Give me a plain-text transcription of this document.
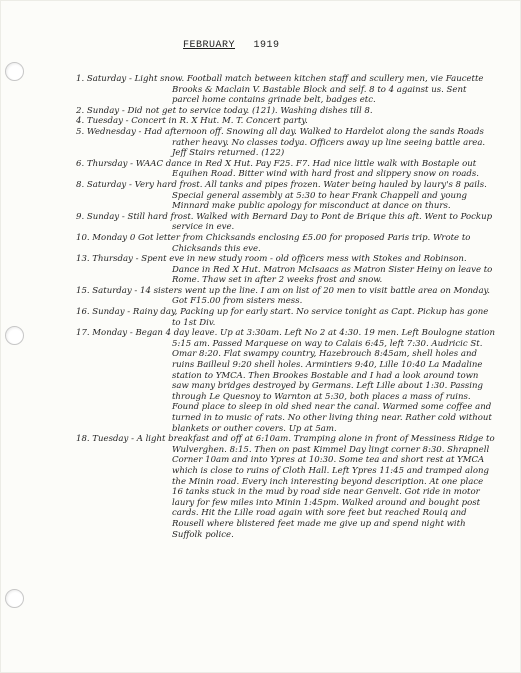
FEBRUARY 1919

1. Saturday - Light snow. Football match between kitchen staff and scullery men, vie Faucette Brooks & Maclain V. Bastable Block and self. 8 to 4 against us. Sent parcel home contains grinade belt, badges etc.

2. Sunday - Did not get to service today. (121). Washing dishes till 8.

4. Tuesday - Concert in R. X Hut. M. T. Concert party.

5. Wednesday - Had afternoon off. Snowing all day. Walked to Hardelot along the sands Roads rather heavy. No classes todya. Officers away up line seeing battle area. Jeff Stairs returned. (122)

6. Thursday - WAAC dance in Red X Hut. Pay F25. F7. Had nice little walk with Bostaple out Equihen Road. Bitter wind with hard frost and slippery snow on roads.

8. Saturday - Very hard frost. All tanks and pipes frozen. Water being hauled by laury's 8 pails. Special general assembly at 5:30 to hear Frank Chappell and young Minnard make public apology for misconduct at dance on thurs.

9. Sunday - Still hard frost. Walked with Bernard Day to Pont de Brique this aft. Went to Pockup service in eve.

10. Monday 0 Got letter from Chicksands enclosing £5.00 for proposed Paris trip. Wrote to Chicksands this eve.

13. Thursday - Spent eve in new study room - old officers mess with Stokes and Robinson. Dance in Red X Hut. Matron McIsaacs as Matron Sister Heiny on leave to Rome. Thaw set in after 2 weeks frost and snow.

15. Saturday - 14 sisters went up the line. I am on list of 20 men to visit battle area on Monday. Got F15.00 from sisters mess.

16. Sunday - Rainy day, Packing up for early start. No service tonight as Capt. Pickup has gone to 1st Div.

17. Monday - Began 4 day leave. Up at 3:30am. Left No 2 at 4:30. 19 men. Left Boulogne station 5:15 am. Passed Marquese on way to Calais 6:45, left 7:30. Audricic St. Omar 8:20. Flat swampy country, Hazebrouch 8:45am, shell holes and ruins Bailleul 9:20 shell holes. Armintiers 9:40, Lille 10:40 La Madaline station to YMCA. Then Brookes Bostable and I had a look around town saw many bridges destroyed by Germans. Left Lille about 1:30. Passing through Le Quesnoy to Warnton at 5:30, both places a mass of ruins. Found place to sleep in old shed near the canal. Warmed some coffee and turned in to music of rats. No other living thing near. Rather cold without blankets or outher covers. Up at 5am.

18. Tuesday - A light breakfast and off at 6:10am. Tramping alone in front of Messiness Ridge to Wulverghen. 8:15. Then on past Kimmel Day lingt corner 8:30. Shrapnell Corner 10am and into Ypres at 10:30. Some tea and short rest at YMCA which is close to ruins of Cloth Hall. Left Ypres 11:45 and tramped along the Minin road. Every inch interesting beyond description. At one place 16 tanks stuck in the mud by road side near Genvelt. Got ride in motor laury for few miles into Minin 1:45pm. Walked around and bought post cards. Hit the Lille road again with sore feet but reached Rouiq and Rousell where blistered feet made me give up and spend night with Suffolk police.
